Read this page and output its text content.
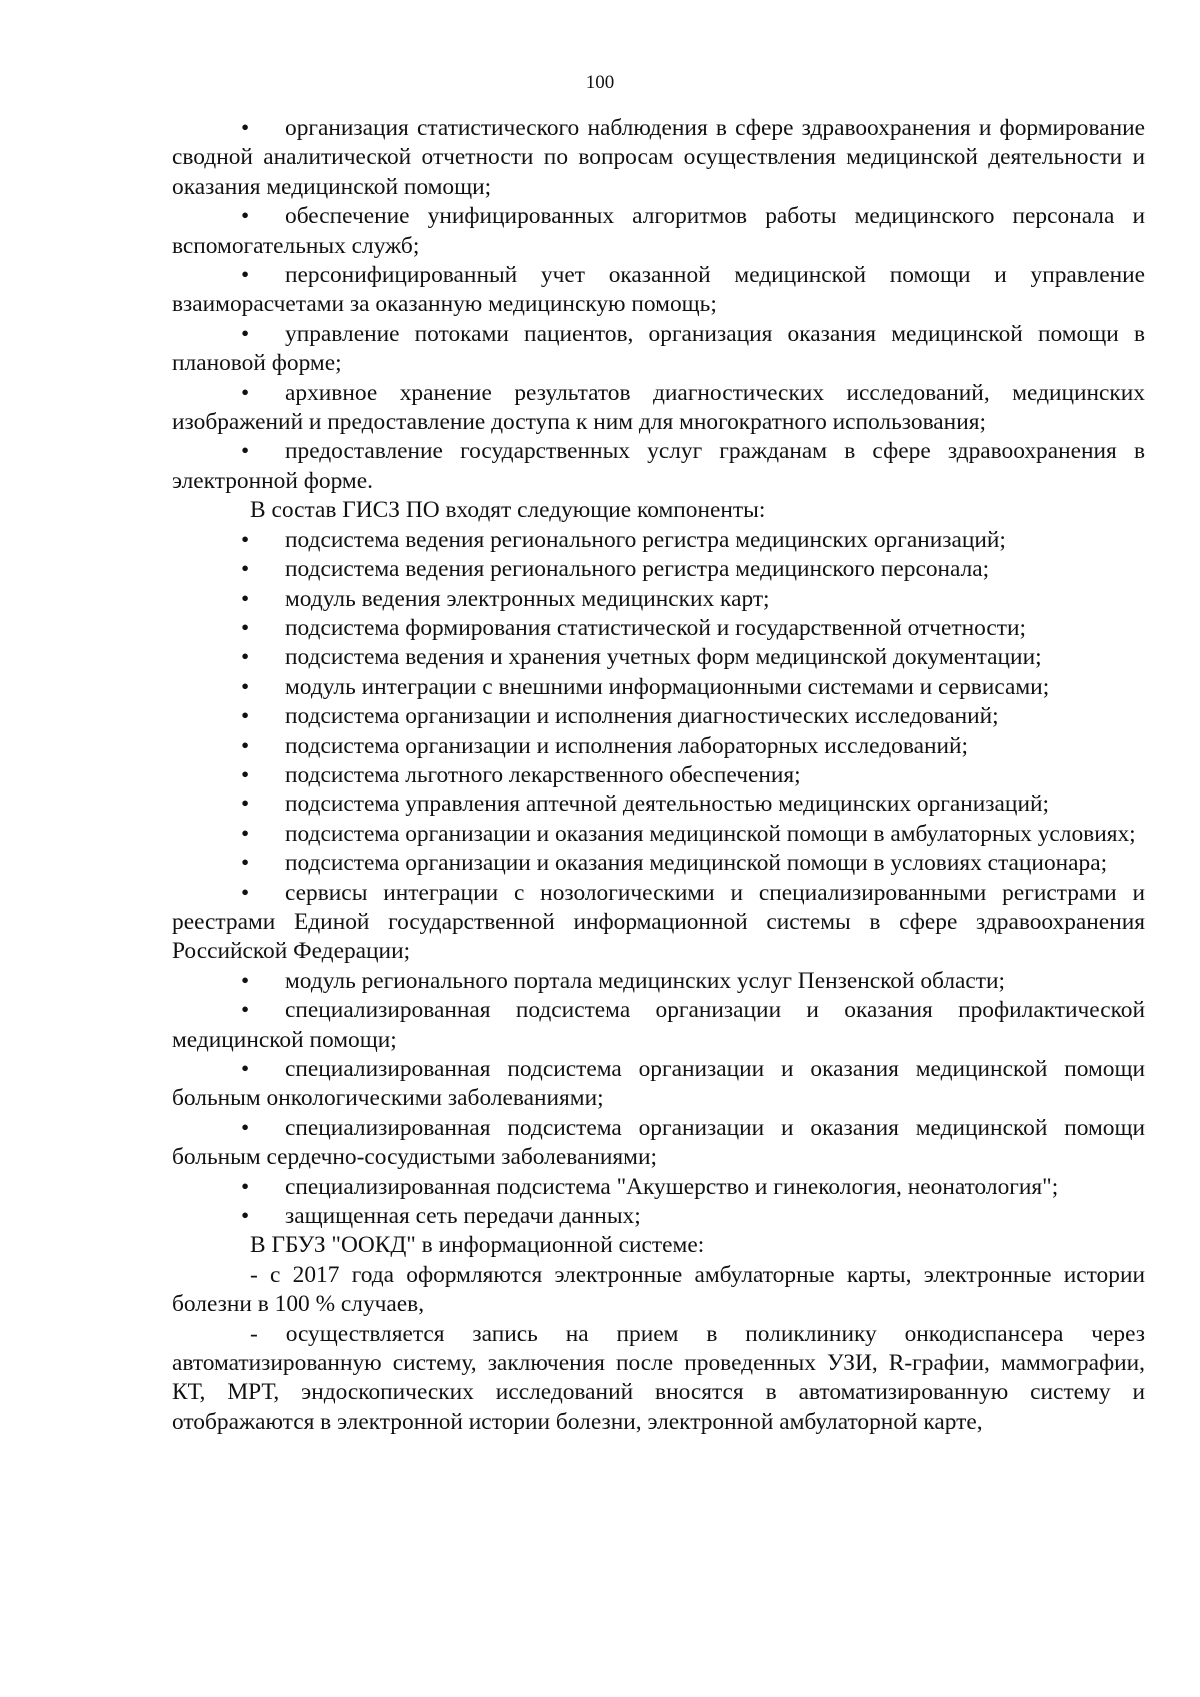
100

• организация статистического наблюдения в сфере здравоохранения и формирование сводной аналитической отчетности по вопросам осуществления медицинской деятельности и оказания медицинской помощи;

• обеспечение унифицированных алгоритмов работы медицинского персонала и вспомогательных служб;

• персонифицированный учет оказанной медицинской помощи и управление взаиморасчетами за оказанную медицинскую помощь;

• управление потоками пациентов, организация оказания медицинской помощи в плановой форме;

• архивное хранение результатов диагностических исследований, медицинских изображений и предоставление доступа к ним для многократного использования;

• предоставление государственных услуг гражданам в сфере здравоохранения в электронной форме.

В состав ГИСЗ ПО входят следующие компоненты:

• подсистема ведения регионального регистра медицинских организаций;

• подсистема ведения регионального регистра медицинского персонала;

• модуль ведения электронных медицинских карт;

• подсистема формирования статистической и государственной отчетности;

• подсистема ведения и хранения учетных форм медицинской документации;

• модуль интеграции с внешними информационными системами и сервисами;

• подсистема организации и исполнения диагностических исследований;

• подсистема организации и исполнения лабораторных исследований;

• подсистема льготного лекарственного обеспечения;

• подсистема управления аптечной деятельностью медицинских организаций;

• подсистема организации и оказания медицинской помощи в амбулаторных условиях;

• подсистема организации и оказания медицинской помощи в условиях стационара;

• сервисы интеграции с нозологическими и специализированными регистрами и реестрами Единой государственной информационной системы в сфере здравоохранения Российской Федерации;

• модуль регионального портала медицинских услуг Пензенской области;

• специализированная подсистема организации и оказания профилактической медицинской помощи;

• специализированная подсистема организации и оказания медицинской помощи больным онкологическими заболеваниями;

• специализированная подсистема организации и оказания медицинской помощи больным сердечно-сосудистыми заболеваниями;

• специализированная подсистема "Акушерство и гинекология, неонатология";

• защищенная сеть передачи данных;

В ГБУЗ "ООКД" в информационной системе:

- с 2017 года оформляются электронные амбулаторные карты, электронные истории болезни в 100 % случаев,

- осуществляется запись на прием в поликлинику онкодиспансера через автоматизированную систему, заключения после проведенных УЗИ, R-графии, маммографии, КТ, МРТ, эндоскопических исследований вносятся в автоматизированную систему и отображаются в электронной истории болезни, электронной амбулаторной карте,
